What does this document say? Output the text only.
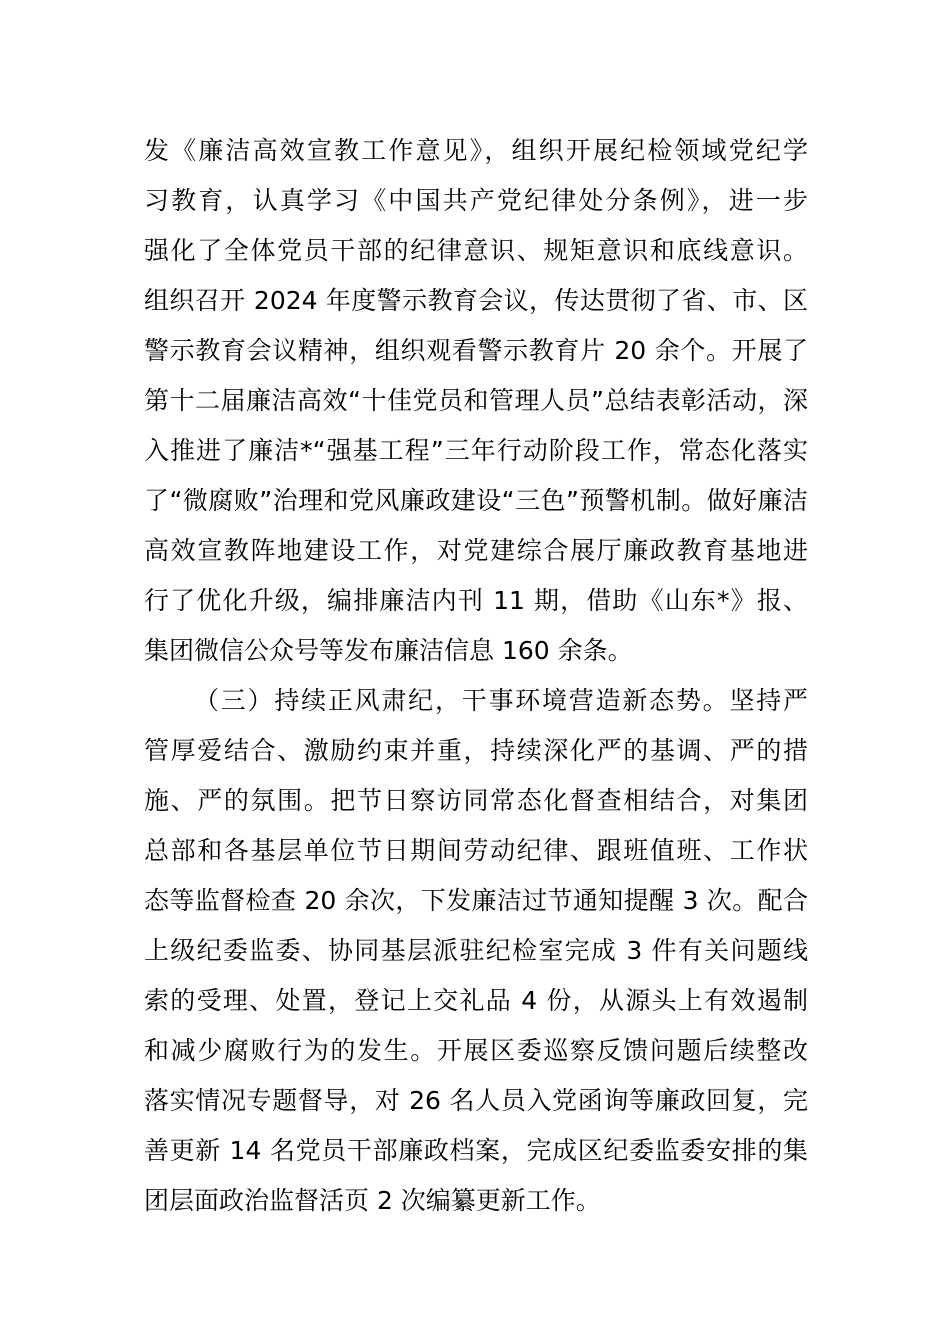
发《廉洁高效宣教工作意见》，组织开展纪检领域党纪学
习教育，认真学习《中国共产党纪律处分条例》，进一步
强化了全体党员干部的纪律意识、规矩意识和底线意识。
组织召开 2024 年度警示教育会议，传达贯彻了省、市、区
警示教育会议精神，组织观看警示教育片 20 余个。开展了
第十二届廉洁高效“十佳党员和管理人员”总结表彰活动，深
入推进了廉洁*“强基工程”三年行动阶段工作，常态化落实
了“微腐败”治理和党风廉政建设“三色”预警机制。做好廉洁
高效宣教阵地建设工作，对党建综合展厅廉政教育基地进
行了优化升级，编排廉洁内刊 11 期，借助《山东*》报、
集团微信公众号等发布廉洁信息 160 余条。
（三）持续正风肃纪，干事环境营造新态势。坚持严
管厚爱结合、激励约束并重，持续深化严的基调、严的措
施、严的氛围。把节日察访同常态化督查相结合，对集团
总部和各基层单位节日期间劳动纪律、跟班值班、工作状
态等监督检查 20 余次，下发廉洁过节通知提醒 3 次。配合
上级纪委监委、协同基层派驻纪检室完成 3 件有关问题线
索的受理、处置，登记上交礼品 4 份，从源头上有效遏制
和减少腐败行为的发生。开展区委巡察反馈问题后续整改
落实情况专题督导，对 26 名人员入党函询等廉政回复，完
善更新 14 名党员干部廉政档案，完成区纪委监委安排的集
团层面政治监督活页 2 次编纂更新工作。
